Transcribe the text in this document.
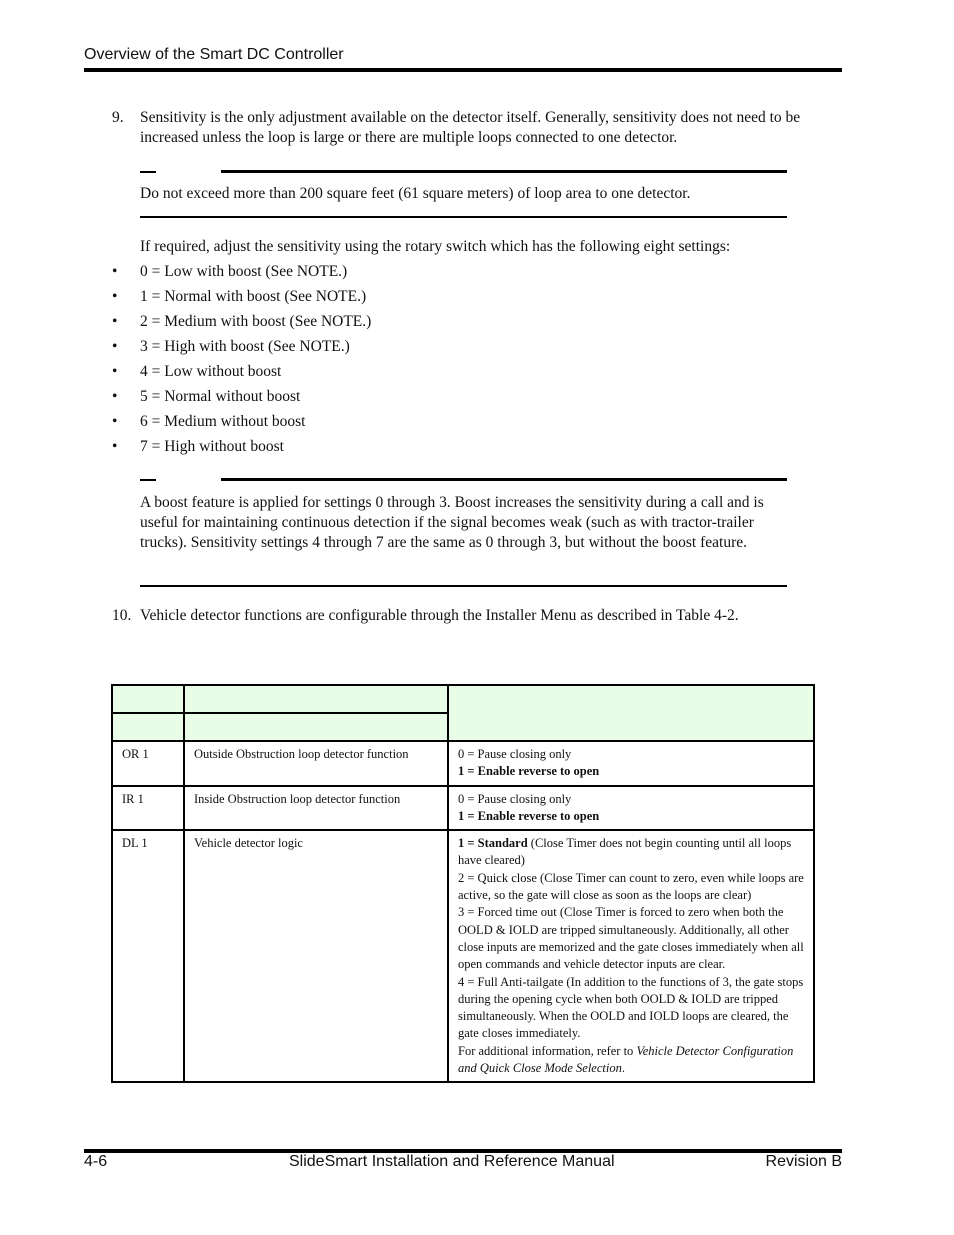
Overview of the Smart DC Controller
9. Sensitivity is the only adjustment available on the detector itself. Generally, sensitivity does not need to be increased unless the loop is large or there are multiple loops connected to one detector.
Do not exceed more than 200 square feet (61 square meters) of loop area to one detector.
If required, adjust the sensitivity using the rotary switch which has the following eight settings:
• 0 = Low with boost (See NOTE.)
• 1 = Normal with boost (See NOTE.)
• 2 = Medium with boost (See NOTE.)
• 3 = High with boost (See NOTE.)
• 4 = Low without boost
• 5 = Normal without boost
• 6 = Medium without boost
• 7 = High without boost
A boost feature is applied for settings 0 through 3. Boost increases the sensitivity during a call and is useful for maintaining continuous detection if the signal becomes weak (such as with tractor-trailer trucks). Sensitivity settings 4 through 7 are the same as 0 through 3, but without the boost feature.
10. Vehicle detector functions are configurable through the Installer Menu as described in Table 4-2.

OR 1	Outside Obstruction loop detector function	0 = Pause closing only
1 = Enable reverse to open

IR 1	Inside Obstruction loop detector function	0 = Pause closing only
1 = Enable reverse to open

DL 1	Vehicle detector logic	1 = Standard (Close Timer does not begin counting until all loops have cleared)
2 = Quick close (Close Timer can count to zero, even while loops are active, so the gate will close as soon as the loops are clear)
3 = Forced time out (Close Timer is forced to zero when both the OOLD & IOLD are tripped simultaneously. Additionally, all other close inputs are memorized and the gate closes immediately when all open commands and vehicle detector inputs are clear.
4 = Full Anti-tailgate (In addition to the functions of 3, the gate stops during the opening cycle when both OOLD & IOLD are tripped simultaneously. When the OOLD and IOLD loops are cleared, the gate closes immediately.
For additional information, refer to Vehicle Detector Configuration and Quick Close Mode Selection.
4-6	SlideSmart Installation and Reference Manual	Revision B
